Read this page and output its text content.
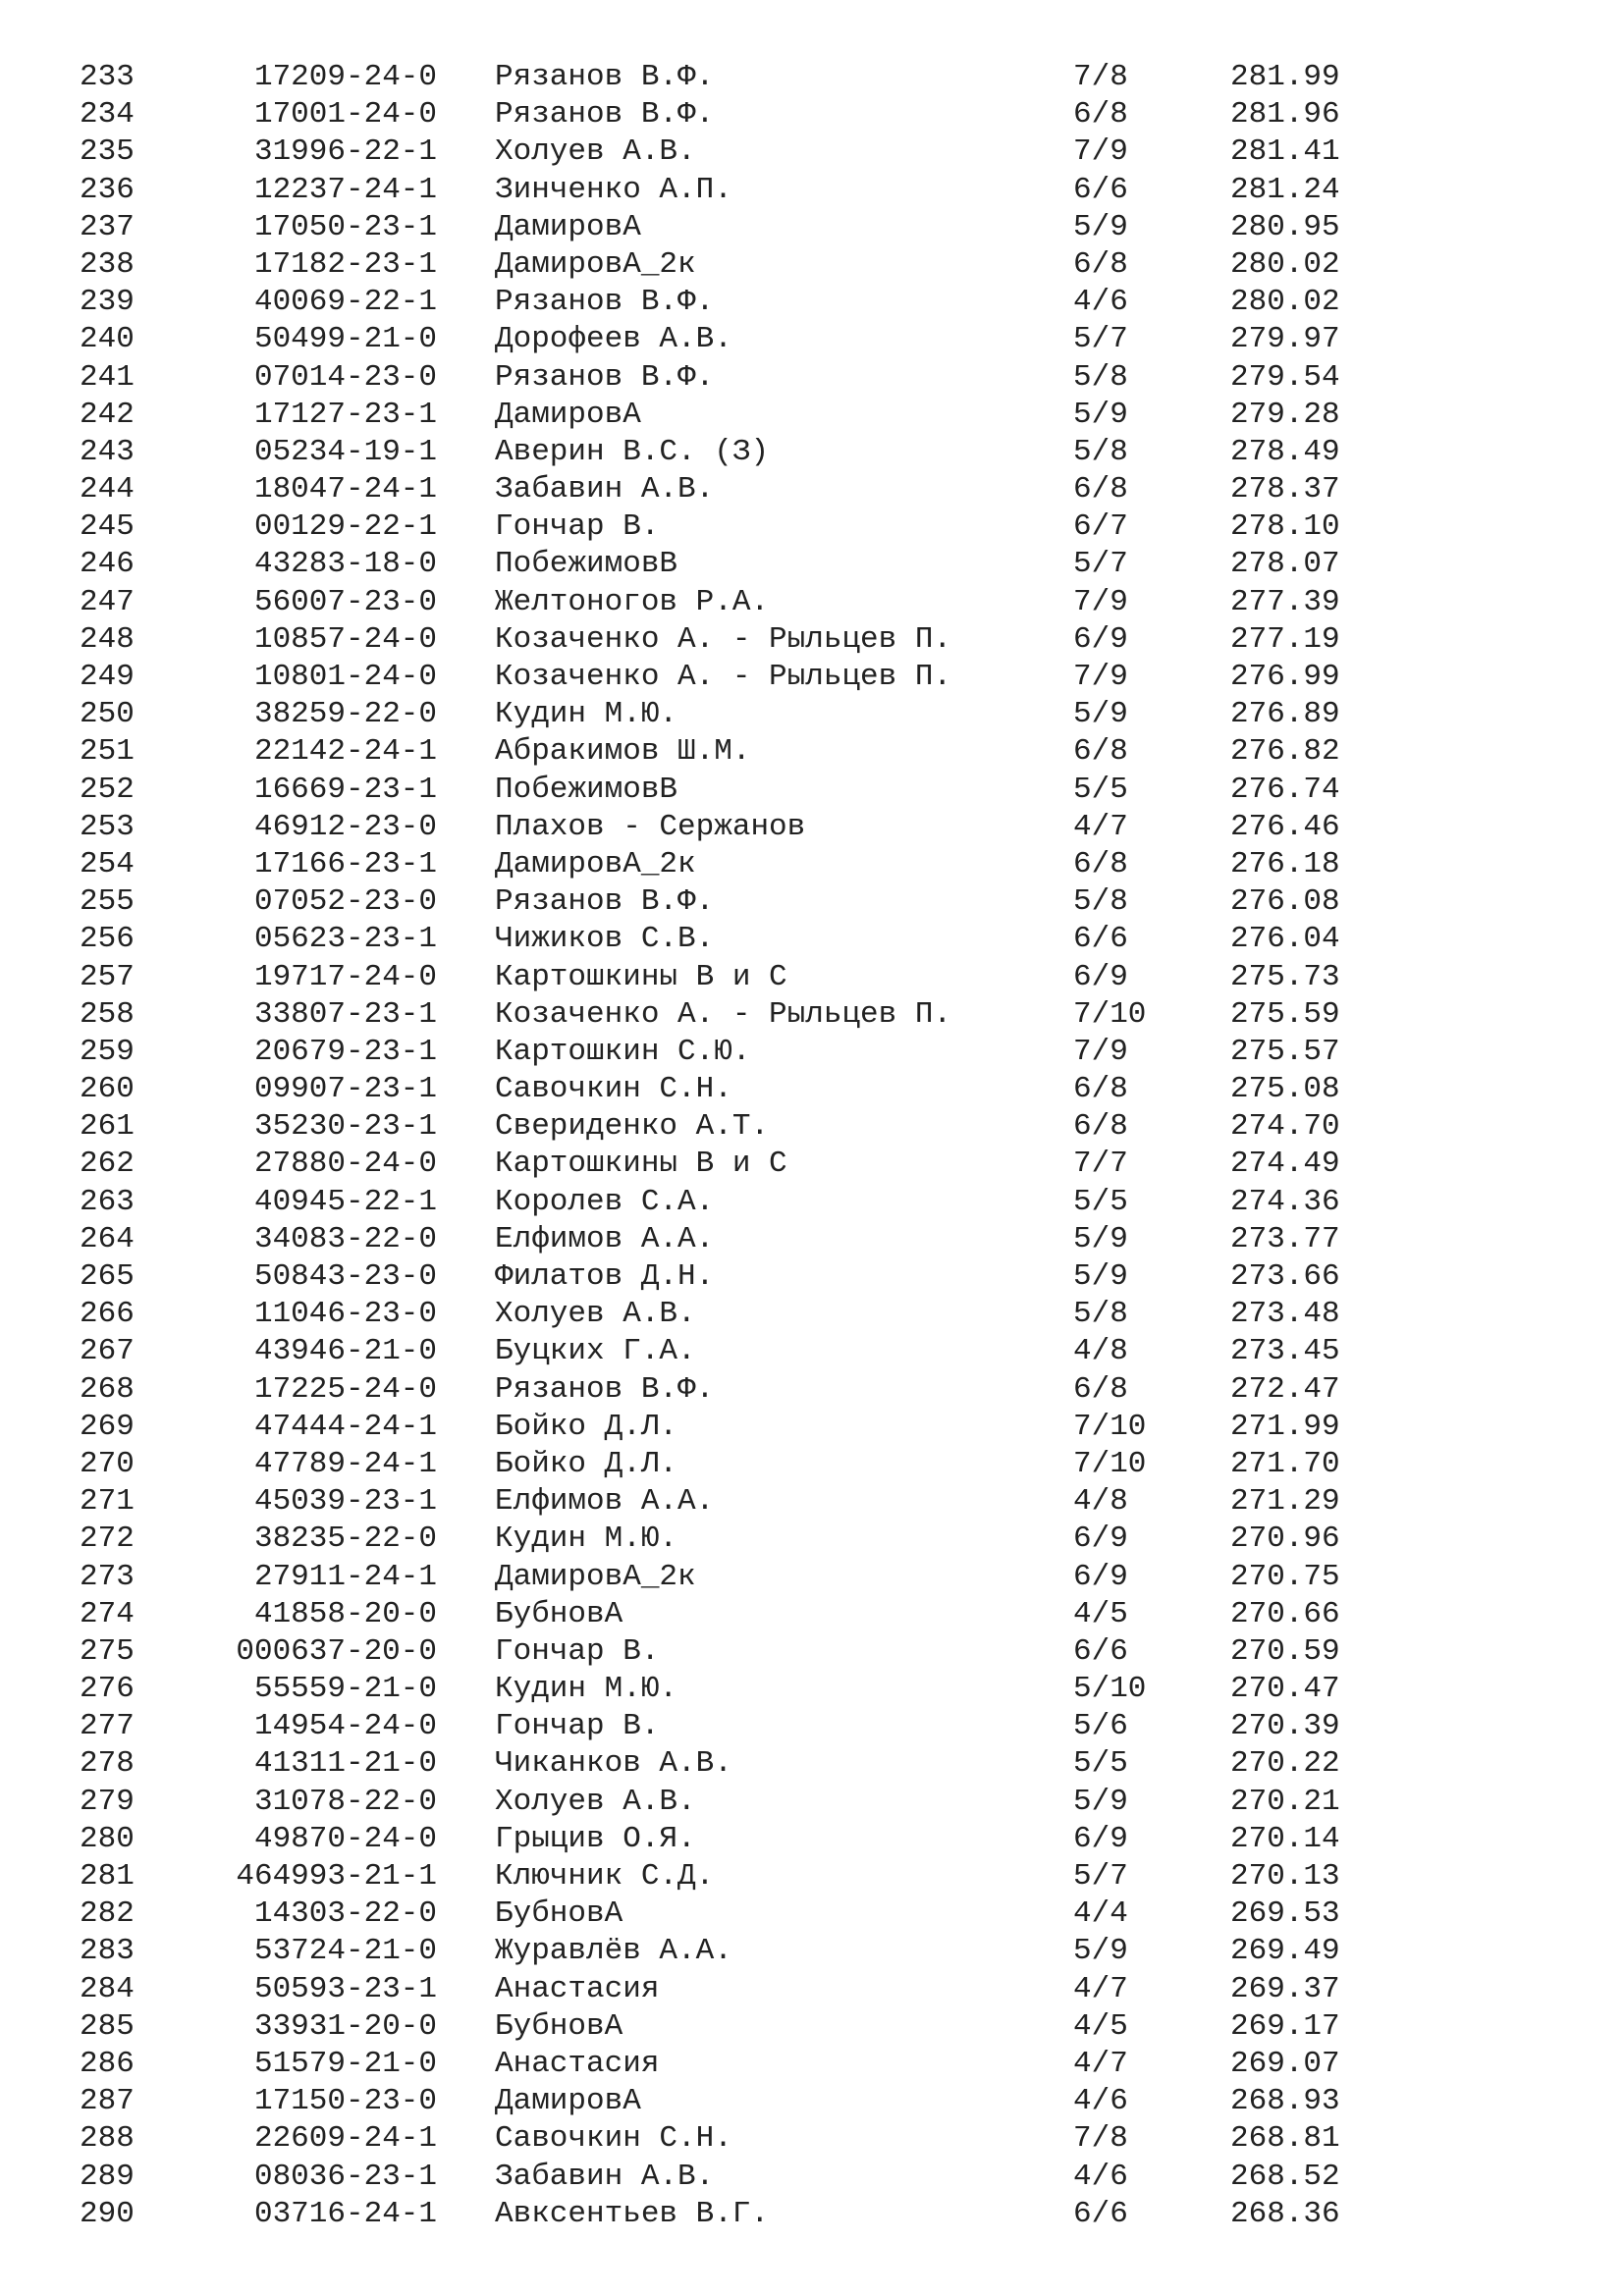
233	17209-24-0 Рязанов В.Ф.	7/8	281.99
234	17001-24-0 Рязанов В.Ф.	6/8	281.96
235	31996-22-1 Холуев А.В.	7/9	281.41
236	12237-24-1 Зинченко А.П.	6/6	281.24
237	17050-23-1 ДамировА	5/9	280.95
238	17182-23-1 ДамировА_2к	6/8	280.02
239	40069-22-1 Рязанов В.Ф.	4/6	280.02
240	50499-21-0 Дорофеев А.В.	5/7	279.97
241	07014-23-0 Рязанов В.Ф.	5/8	279.54
242	17127-23-1 ДамировА	5/9	279.28
243	05234-19-1 Аверин В.С. (З)	5/8	278.49
244	18047-24-1 Забавин А.В.	6/8	278.37
245	00129-22-1 Гончар В.	6/7	278.10
246	43283-18-0 ПобежимовВ	5/7	278.07
247	56007-23-0 Желтоногов Р.А.	7/9	277.39
248	10857-24-0 Козаченко А. - Рыльцев П.	6/9	277.19
249	10801-24-0 Козаченко А. - Рыльцев П.	7/9	276.99
250	38259-22-0 Кудин М.Ю.	5/9	276.89
251	22142-24-1 Абракимов Ш.М.	6/8	276.82
252	16669-23-1 ПобежимовВ	5/5	276.74
253	46912-23-0 Плахов - Сержанов	4/7	276.46
254	17166-23-1 ДамировА_2к	6/8	276.18
255	07052-23-0 Рязанов В.Ф.	5/8	276.08
256	05623-23-1 Чижиков С.В.	6/6	276.04
257	19717-24-0 Картошкины В и С	6/9	275.73
258	33807-23-1 Козаченко А. - Рыльцев П.	7/10	275.59
259	20679-23-1 Картошкин С.Ю.	7/9	275.57
260	09907-23-1 Савочкин С.Н.	6/8	275.08
261	35230-23-1 Свериденко А.Т.	6/8	274.70
262	27880-24-0 Картошкины В и С	7/7	274.49
263	40945-22-1 Королев С.А.	5/5	274.36
264	34083-22-0 Елфимов А.А.	5/9	273.77
265	50843-23-0 Филатов Д.Н.	5/9	273.66
266	11046-23-0 Холуев А.В.	5/8	273.48
267	43946-21-0 Буцких Г.А.	4/8	273.45
268	17225-24-0 Рязанов В.Ф.	6/8	272.47
269	47444-24-1 Бойко Д.Л.	7/10	271.99
270	47789-24-1 Бойко Д.Л.	7/10	271.70
271	45039-23-1 Елфимов А.А.	4/8	271.29
272	38235-22-0 Кудин М.Ю.	6/9	270.96
273	27911-24-1 ДамировА_2к	6/9	270.75
274	41858-20-0 БубновА	4/5	270.66
275	000637-20-0 Гончар В.	6/6	270.59
276	55559-21-0 Кудин М.Ю.	5/10	270.47
277	14954-24-0 Гончар В.	5/6	270.39
278	41311-21-0 Чиканков А.В.	5/5	270.22
279	31078-22-0 Холуев А.В.	5/9	270.21
280	49870-24-0 Грыцив О.Я.	6/9	270.14
281	464993-21-1 Ключник С.Д.	5/7	270.13
282	14303-22-0 БубновА	4/4	269.53
283	53724-21-0 Журавлёв А.А.	5/9	269.49
284	50593-23-1 Анастасия	4/7	269.37
285	33931-20-0 БубновА	4/5	269.17
286	51579-21-0 Анастасия	4/7	269.07
287	17150-23-0 ДамировА	4/6	268.93
288	22609-24-1 Савочкин С.Н.	7/8	268.81
289	08036-23-1 Забавин А.В.	4/6	268.52
290	03716-24-1 Авксентьев В.Г.	6/6	268.36
